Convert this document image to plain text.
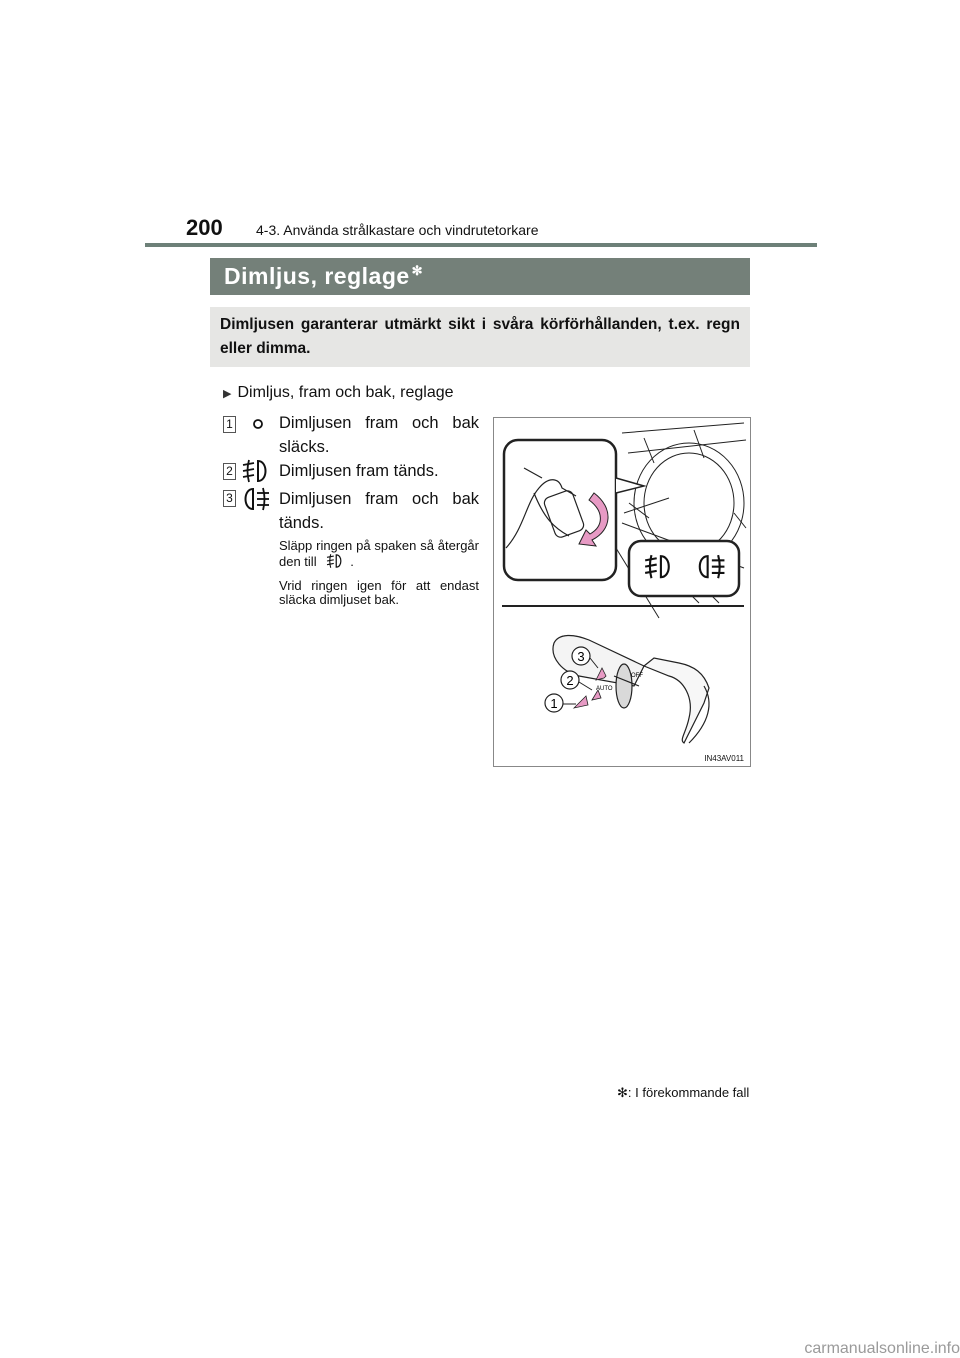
200 4-3. Använda strålkastare och vindrutetorkare
Dimljus, reglage ✻
Dimljusen garanterar utmärkt sikt i svåra körförhållanden, t.ex. regn eller dimma.
▶ Dimljus, fram och bak, reglage
1	Dimljusen fram och bak släcks.
2	Dimljusen fram tänds.
3	Dimljusen fram och bak tänds.
Släpp ringen på spaken så återgår den till	.
Vrid ringen igen för att endast släcka dimljuset bak.
AUTO
OFF
3
2
1
IN43AV011
✻: I förekommande fall
carmanualsonline.info
